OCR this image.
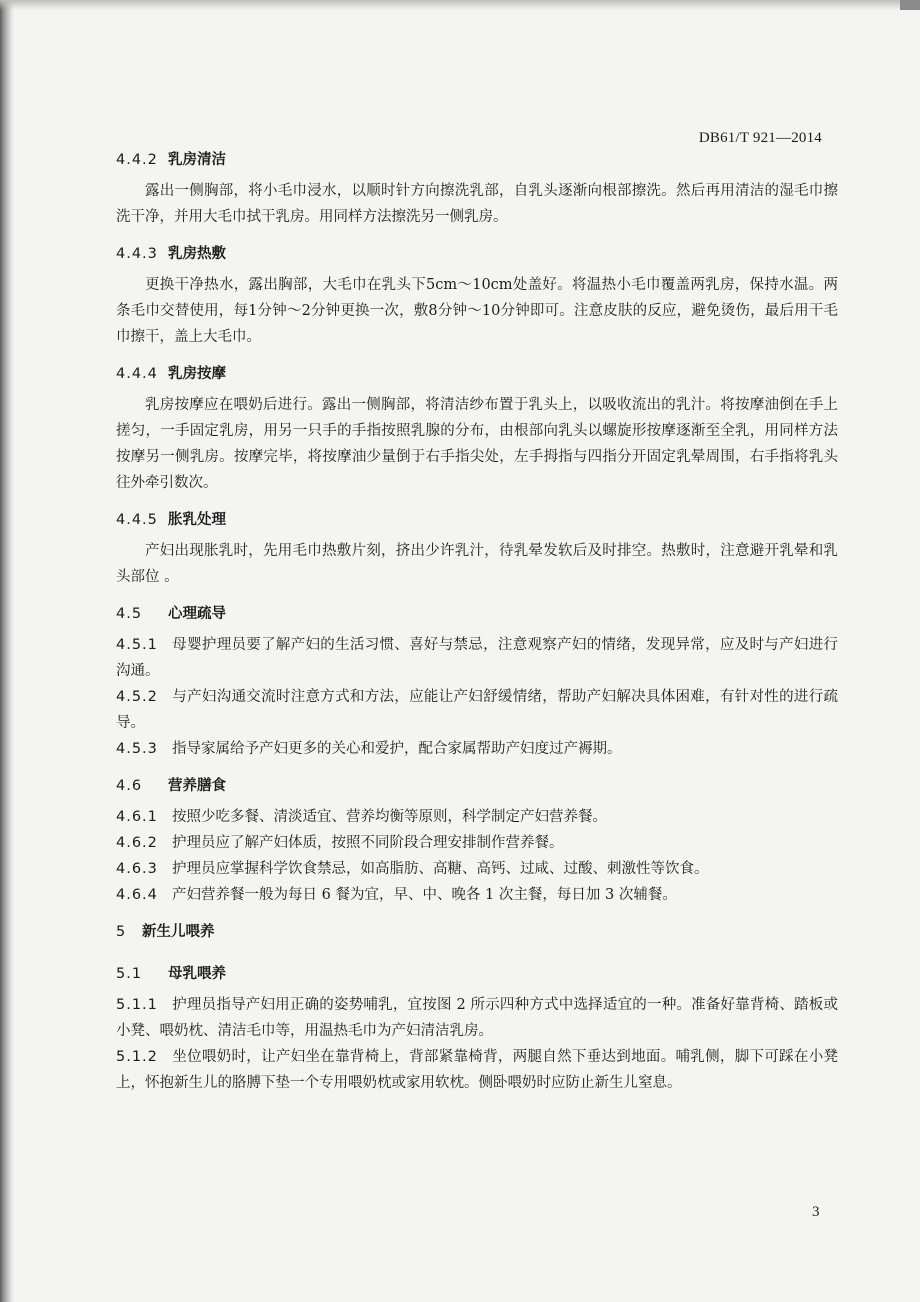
DB61/T 921—2014
4.4.2 乳房清洁

露出一侧胸部，将小毛巾浸水，以顺时针方向擦洗乳部，自乳头逐渐向根部擦洗。然后再用清洁的湿毛巾擦洗干净，并用大毛巾拭干乳房。用同样方法擦洗另一侧乳房。

4.4.3 乳房热敷

更换干净热水，露出胸部，大毛巾在乳头下5cm～10cm处盖好。将温热小毛巾覆盖两乳房，保持水温。两条毛巾交替使用，每1分钟～2分钟更换一次，敷8分钟～10分钟即可。注意皮肤的反应，避免烫伤，最后用干毛巾擦干，盖上大毛巾。

4.4.4 乳房按摩

乳房按摩应在喂奶后进行。露出一侧胸部，将清洁纱布置于乳头上，以吸收流出的乳汁。将按摩油倒在手上搓匀，一手固定乳房，用另一只手的手指按照乳腺的分布，由根部向乳头以螺旋形按摩逐渐至全乳，用同样方法按摩另一侧乳房。按摩完毕，将按摩油少量倒于右手指尖处，左手拇指与四指分开固定乳晕周围，右手指将乳头往外牵引数次。

4.4.5 胀乳处理

产妇出现胀乳时，先用毛巾热敷片刻，挤出少许乳汁，待乳晕发软后及时排空。热敷时，注意避开乳晕和乳头部位 。

4.5 心理疏导

4.5.1 母婴护理员要了解产妇的生活习惯、喜好与禁忌，注意观察产妇的情绪，发现异常，应及时与产妇进行沟通。

4.5.2 与产妇沟通交流时注意方式和方法，应能让产妇舒缓情绪，帮助产妇解决具体困难，有针对性的进行疏导。

4.5.3 指导家属给予产妇更多的关心和爱护，配合家属帮助产妇度过产褥期。

4.6 营养膳食

4.6.1 按照少吃多餐、清淡适宜、营养均衡等原则，科学制定产妇营养餐。

4.6.2 护理员应了解产妇体质，按照不同阶段合理安排制作营养餐。

4.6.3 护理员应掌握科学饮食禁忌，如高脂肪、高糖、高钙、过咸、过酸、刺激性等饮食。

4.6.4 产妇营养餐一般为每日 6 餐为宜，早、中、晚各 1 次主餐，每日加 3 次辅餐。

5 新生儿喂养
5.1 母乳喂养

5.1.1 护理员指导产妇用正确的姿势哺乳，宜按图 2 所示四种方式中选择适宜的一种。准备好靠背椅、踏板或小凳、喂奶枕、清洁毛巾等，用温热毛巾为产妇清洁乳房。

5.1.2 坐位喂奶时，让产妇坐在靠背椅上，背部紧靠椅背，两腿自然下垂达到地面。哺乳侧，脚下可踩在小凳上，怀抱新生儿的胳膊下垫一个专用喂奶枕或家用软枕。侧卧喂奶时应防止新生儿窒息。

3
